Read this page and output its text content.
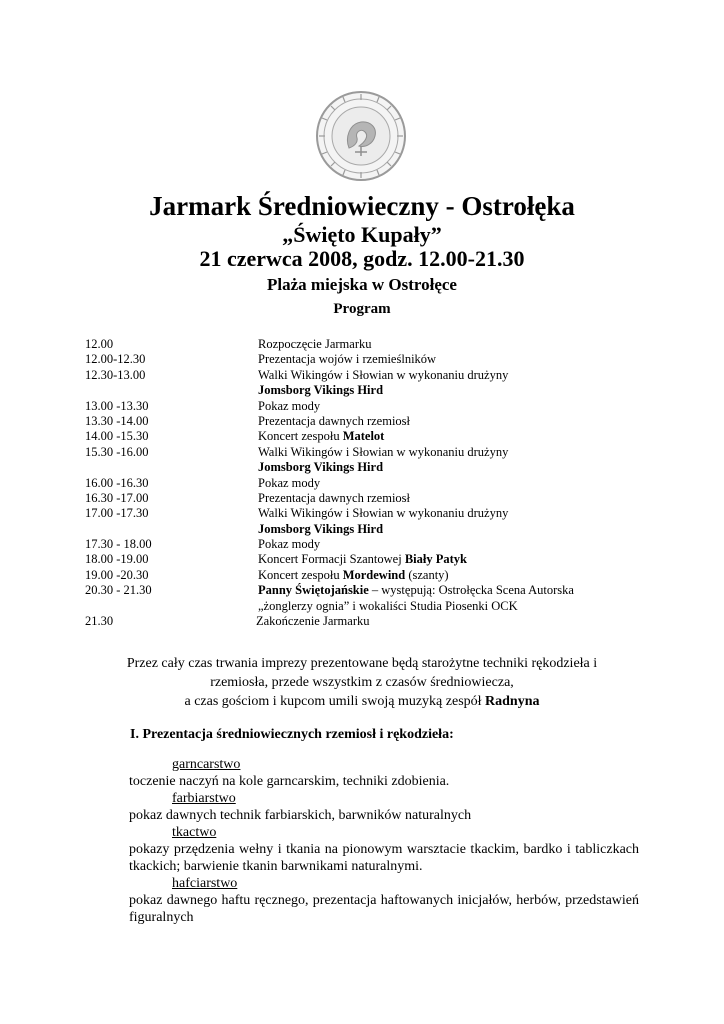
Jarmark Średniowieczny - Ostrołęka
„Święto Kupały”
21 czerwca 2008, godz. 12.00-21.30
Plaża miejska w Ostrołęce
Program
12.00	Rozpoczęcie Jarmarku
12.00-12.30	Prezentacja wojów i rzemieślników
12.30-13.00	Walki Wikingów i Słowian w wykonaniu drużyny
Jomsborg Vikings Hird
13.00 -13.30	Pokaz mody
13.30 -14.00	Prezentacja dawnych rzemiosł
14.00 -15.30	Koncert zespołu Matelot
15.30 -16.00	Walki Wikingów i Słowian w wykonaniu drużyny
Jomsborg Vikings Hird
16.00 -16.30	Pokaz mody
16.30 -17.00	Prezentacja dawnych rzemiosł
17.00 -17.30	Walki Wikingów i Słowian w wykonaniu drużyny
Jomsborg Vikings Hird
17.30 - 18.00	Pokaz mody
18.00 -19.00	Koncert Formacji Szantowej Biały Patyk
19.00 -20.30	Koncert zespołu Mordewind (szanty)
20.30 - 21.30	Panny Świętojańskie – występują: Ostrołęcka Scena Autorska
„żonglerzy ognia” i wokaliści Studia Piosenki OCK
21.30	Zakończenie Jarmarku
Przez cały czas trwania imprezy prezentowane będą starożytne techniki rękodzieła i
rzemiosła, przede wszystkim z czasów średniowiecza,
a czas gościom i kupcom umili swoją muzyką zespół Radnyna
I. Prezentacja średniowiecznych rzemiosł i rękodzieła:
garncarstwo
toczenie naczyń na kole garncarskim, techniki zdobienia.
farbiarstwo
pokaz dawnych technik farbiarskich, barwników naturalnych
tkactwo
pokazy przędzenia wełny i tkania na pionowym warsztacie tkackim, bardko i tabliczkach tkackich; barwienie tkanin barwnikami naturalnymi.
hafciarstwo
pokaz dawnego haftu ręcznego, prezentacja haftowanych inicjałów, herbów, przedstawień figuralnych
